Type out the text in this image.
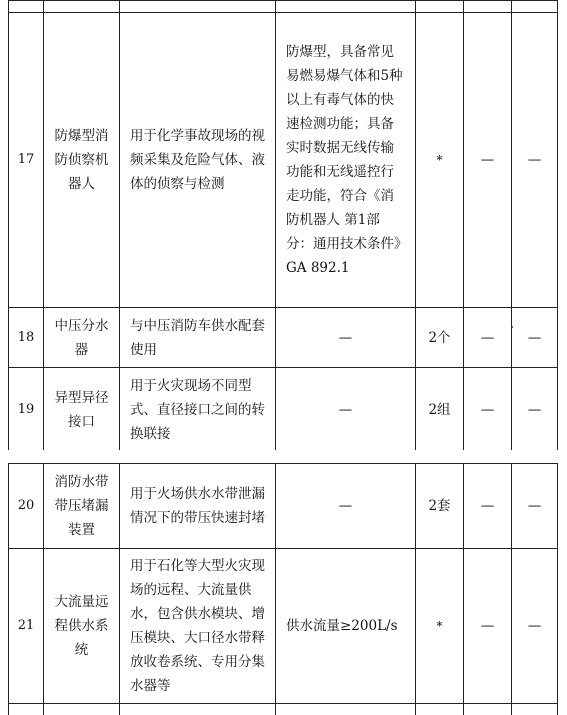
17	防爆型消防侦察机器人	用于化学事故现场的视频采集及危险气体、液体的侦察与检测	防爆型，具备常见易燃易爆气体和5种以上有毒气体的快速检测功能；具备实时数据无线传输功能和无线遥控行走功能，符合《消防机器人 第1部分：通用技术条件》GA 892.1	*	—	—
18	中压分水器	与中压消防车供水配套使用	—	2个	—	—
19	异型异径接口	用于火灾现场不同型式、直径接口之间的转换联接	—	2组	—	—
20	消防水带带压堵漏装置	用于火场供水水带泄漏情况下的带压快速封堵	—	2套	—	—
21	大流量远程供水系统	用于石化等大型火灾现场的远程、大流量供水，包含供水模块、增压模块、大口径水带释放收卷系统、专用分集水器等	供水流量≥200L/s	*	—	—
